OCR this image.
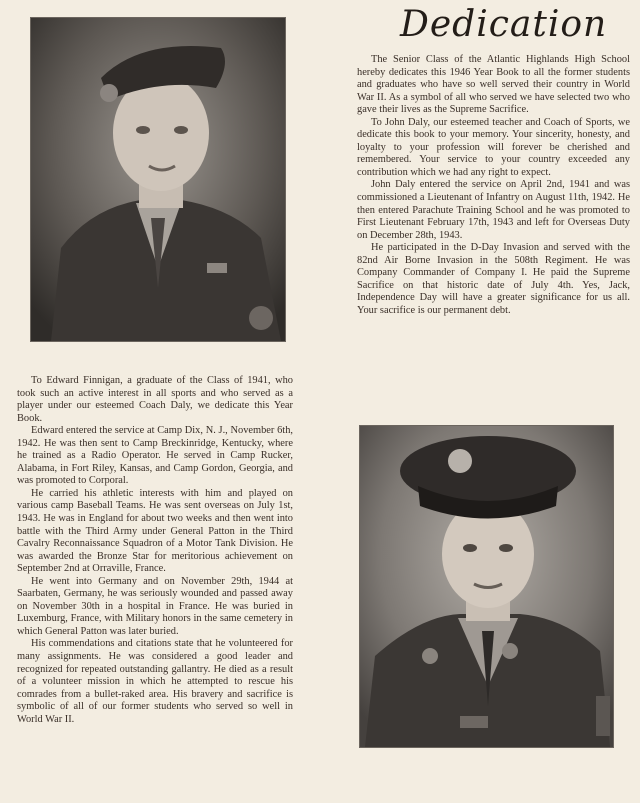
Dedication

The Senior Class of the Atlantic Highlands High School hereby dedicates this 1946 Year Book to all the former students and graduates who have so well served their country in World War II. As a symbol of all who served we have selected two who gave their lives as the Supreme Sacrifice.

To John Daly, our esteemed teacher and Coach of Sports, we dedicate this book to your memory. Your sincerity, honesty, and loyalty to your profession will forever be cherished and remembered. Your service to your country exceeded any contribution which we had any right to expect.

John Daly entered the service on April 2nd, 1941 and was commissioned a Lieutenant of Infantry on August 11th, 1942. He then entered Parachute Training School and he was promoted to First Lieutenant February 17th, 1943 and left for Overseas Duty on December 28th, 1943.

He participated in the D-Day Invasion and served with the 82nd Air Borne Invasion in the 508th Regiment. He was Company Commander of Company I. He paid the Supreme Sacrifice on that historic date of July 4th. Yes, Jack, Independence Day will have a greater significance for us all. Your sacrifice is our permanent debt.

To Edward Finnigan, a graduate of the Class of 1941, who took such an active interest in all sports and who served as a player under our esteemed Coach Daly, we dedicate this Year Book.

Edward entered the service at Camp Dix, N. J., November 6th, 1942. He was then sent to Camp Breckinridge, Kentucky, where he trained as a Radio Operator. He served in Camp Rucker, Alabama, in Fort Riley, Kansas, and Camp Gordon, Georgia, and was promoted to Corporal.

He carried his athletic interests with him and played on various camp Baseball Teams. He was sent overseas on July 1st, 1943. He was in England for about two weeks and then went into battle with the Third Army under General Patton in the Third Cavalry Reconnaissance Squadron of a Motor Tank Division. He was awarded the Bronze Star for meritorious achievement on September 2nd at Orraville, France.

He went into Germany and on November 29th, 1944 at Saarbaten, Germany, he was seriously wounded and passed away on November 30th in a hospital in France. He was buried in Luxemburg, France, with Military honors in the same cemetery in which General Patton was later buried.

His commendations and citations state that he volunteered for many assignments. He was considered a good leader and recognized for repeated outstanding gallantry. He died as a result of a volunteer mission in which he attempted to rescue his comrades from a bullet-raked area. His bravery and sacrifice is symbolic of all of our former students who served so well in World War II.
